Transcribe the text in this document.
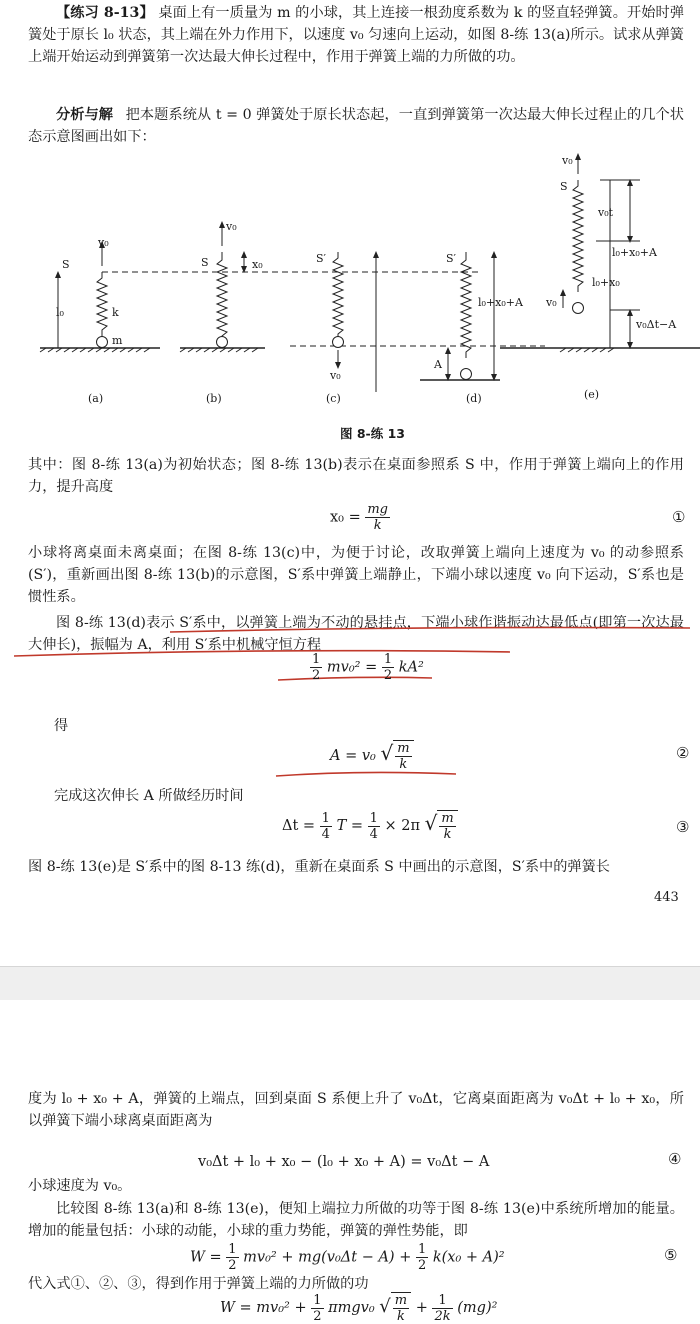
【练习 8-13】 桌面上有一质量为 m 的小球，其上连接一根劲度系数为 k 的竖直轻弹簧。开始时弹簧处于原长 l₀ 状态，其上端在外力作用下，以速度 v₀ 匀速向上运动，如图 8-练 13(a)所示。试求从弹簧上端开始运动到弹簧第一次达最大伸长过程中，作用于弹簧上端的力所做的功。
分析与解 把本题系统从 t = 0 弹簧处于原长状态起，一直到弹簧第一次达最大伸长过程止的几个状态示意图画出如下：
S
l₀	k
m
v₀
S
v₀
x₀	S′
v₀
S′
l₀+x₀+A
A
v₀
S
v₀t
l₀+x₀+A
l₀+x₀
v₀
v₀Δt−A
(a)	(b)	(c)	(d)	(e)
图 8-练 13
其中：图 8-练 13(a)为初始状态；图 8-练 13(b)表示在桌面参照系 S 中，作用于弹簧上端向上的作用力，提升高度
$x_0 = \frac{mg}{k}$	①
小球将离桌面未离桌面；在图 8-练 13(c)中，为便于讨论，改取弹簧上端向上速度为 v₀ 的动参照系(S′)，重新画出图 8-练 13(b)的示意图，S′系中弹簧上端静止，下端小球以速度 v₀ 向下运动，S′系也是惯性系。
图 8-练 13(d)表示 S′系中，以弹簧上端为不动的悬挂点，下端小球作谐振动达最低点(即第一次达最大伸长)，振幅为 A，利用 S′系中机械守恒方程
$\frac{1}{2} mv_0^2 = \frac{1}{2} kA^2$
得
A = v₀ √ $\frac{m}{k}$	②
完成这次伸长 A 所做经历时间
$\Delta t = \frac{1}{4}$ $T = \frac{1}{4} \times 2\pi$ √ $\frac{m}{k}$	③
图 8-练 13(e)是 S′系中的图 8-13 练(d)，重新在桌面系 S 中画出的示意图，S′系中的弹簧长
443
度为 l₀ + x₀ + A，弹簧的上端点，回到桌面 S 系便上升了 v₀Δt，它离桌面距离为 v₀Δt + l₀ + x₀，所以弹簧下端小球离桌面距离为
v₀Δt + l₀ + x₀ − (l₀ + x₀ + A) = v₀Δt − A	④
小球速度为 v₀。
比较图 8-练 13(a)和 8-练 13(e)，便知上端拉力所做的功等于图 8-练 13(e)中系统所增加的能量。增加的能量包括：小球的动能，小球的重力势能，弹簧的弹性势能，即
$W = \frac{1}{2} mv_0^2 + mg(v_0\Delta t - A) + \frac{1}{2} k(x_0 + A)^2$	⑤
代入式①、②、③，得到作用于弹簧上端的力所做的功
$W = mv_0^2 + \frac{1}{2} \pi mgv_0$ √ $\frac{m}{k} + \frac{1}{2k} (mg)^2$
